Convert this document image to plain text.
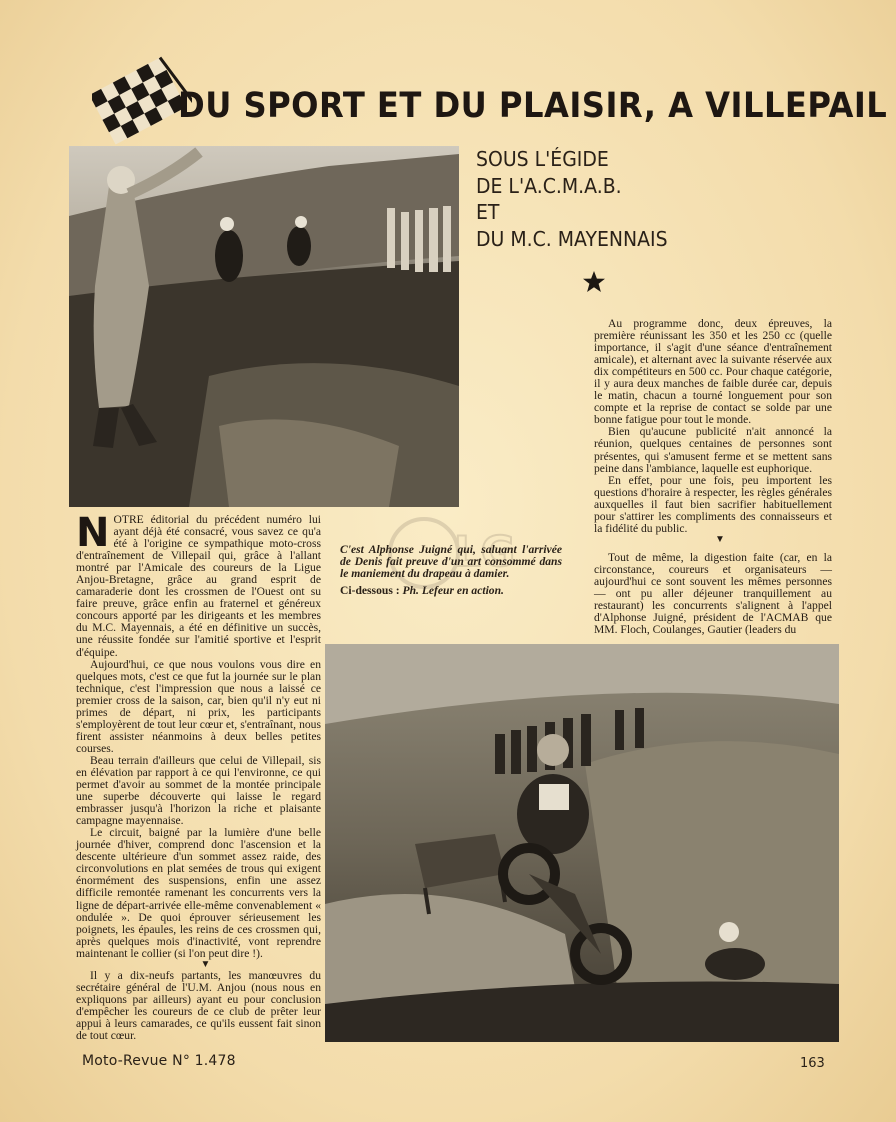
DU SPORT ET DU PLAISIR, A VILLEPAIL
SOUS L'ÉGIDE
DE L'A.C.M.A.B.
ET
DU M.C. MAYENNAIS
N OTRE éditorial du précédent numéro lui ayant déjà été consacré, vous savez ce qu'a été à l'origine ce sympathique moto-cross d'entraînement de Villepail qui, grâce à l'allant montré par l'Amicale des coureurs de la Ligue Anjou-Bretagne, grâce au grand esprit de camaraderie dont les crossmen de l'Ouest ont su faire preuve, grâce enfin au fraternel et généreux concours apporté par les dirigeants et les membres du M.C. Mayennais, a été en définitive un succès, une réussite fondée sur l'amitié sportive et l'esprit d'équipe.

Aujourd'hui, ce que nous voulons vous dire en quelques mots, c'est ce que fut la journée sur le plan technique, c'est l'impression que nous a laissé ce premier cross de la saison, car, bien qu'il n'y eut ni primes de départ, ni prix, les participants s'employèrent de tout leur cœur et, s'entraînant, nous firent assister néanmoins à deux belles petites courses.

Beau terrain d'ailleurs que celui de Villepail, sis en élévation par rapport à ce qui l'environne, ce qui permet d'avoir au sommet de la montée principale une superbe découverte qui laisse le regard embrasser jusqu'à l'horizon la riche et plaisante campagne mayennaise.

Le circuit, baigné par la lumière d'une belle journée d'hiver, comprend donc l'ascension et la descente ultérieure d'un sommet assez raide, des circonvolutions en plat semées de trous qui exigent énormément des suspensions, enfin une assez difficile remontée ramenant les concurrents vers la ligne de départ-arrivée elle-même convenablement « ondulée ». De quoi éprouver sérieusement les poignets, les épaules, les reins de ces crossmen qui, après quelques mois d'inactivité, vont reprendre maintenant le collier (si l'on peut dire !).

▼

Il y a dix-neufs partants, les manœuvres du secrétaire général de l'U.M. Anjou (nous nous en expliquons par ailleurs) ayant eu pour conclusion d'empêcher les coureurs de ce club de prêter leur appui à leurs camarades, ce qu'ils eussent fait sinon de tout cœur.

LG
C'est Alphonse Juigné qui, saluant l'arrivée de Denis fait preuve d'un art consommé dans le maniement du drapeau à damier.
Ci-dessous : Ph. Lefeur en action.

Au programme donc, deux épreuves, la première réunissant les 350 et les 250 cc (quelle importance, il s'agit d'une séance d'entraînement amicale), et alternant avec la suivante réservée aux dix compétiteurs en 500 cc. Pour chaque catégorie, il y aura deux manches de faible durée car, depuis le matin, chacun a tourné longuement pour son compte et la reprise de contact se solde par une bonne fatigue pour tout le monde.

Bien qu'aucune publicité n'ait annoncé la réunion, quelques centaines de personnes sont présentes, qui s'amusent ferme et se mettent sans peine dans l'ambiance, laquelle est euphorique.

En effet, pour une fois, peu importent les questions d'horaire à respecter, les règles générales auxquelles il faut bien sacrifier habituellement pour s'attirer les compliments des connaisseurs et la fidélité du public.

▼

Tout de même, la digestion faite (car, en la circonstance, coureurs et organisateurs — aujourd'hui ce sont souvent les mêmes personnes — ont pu aller déjeuner tranquillement au restaurant) les concurrents s'alignent à l'appel d'Alphonse Juigné, président de l'ACMAB que MM. Floch, Coulanges, Gautier (leaders du

Moto-Revue N° 1.478	163
